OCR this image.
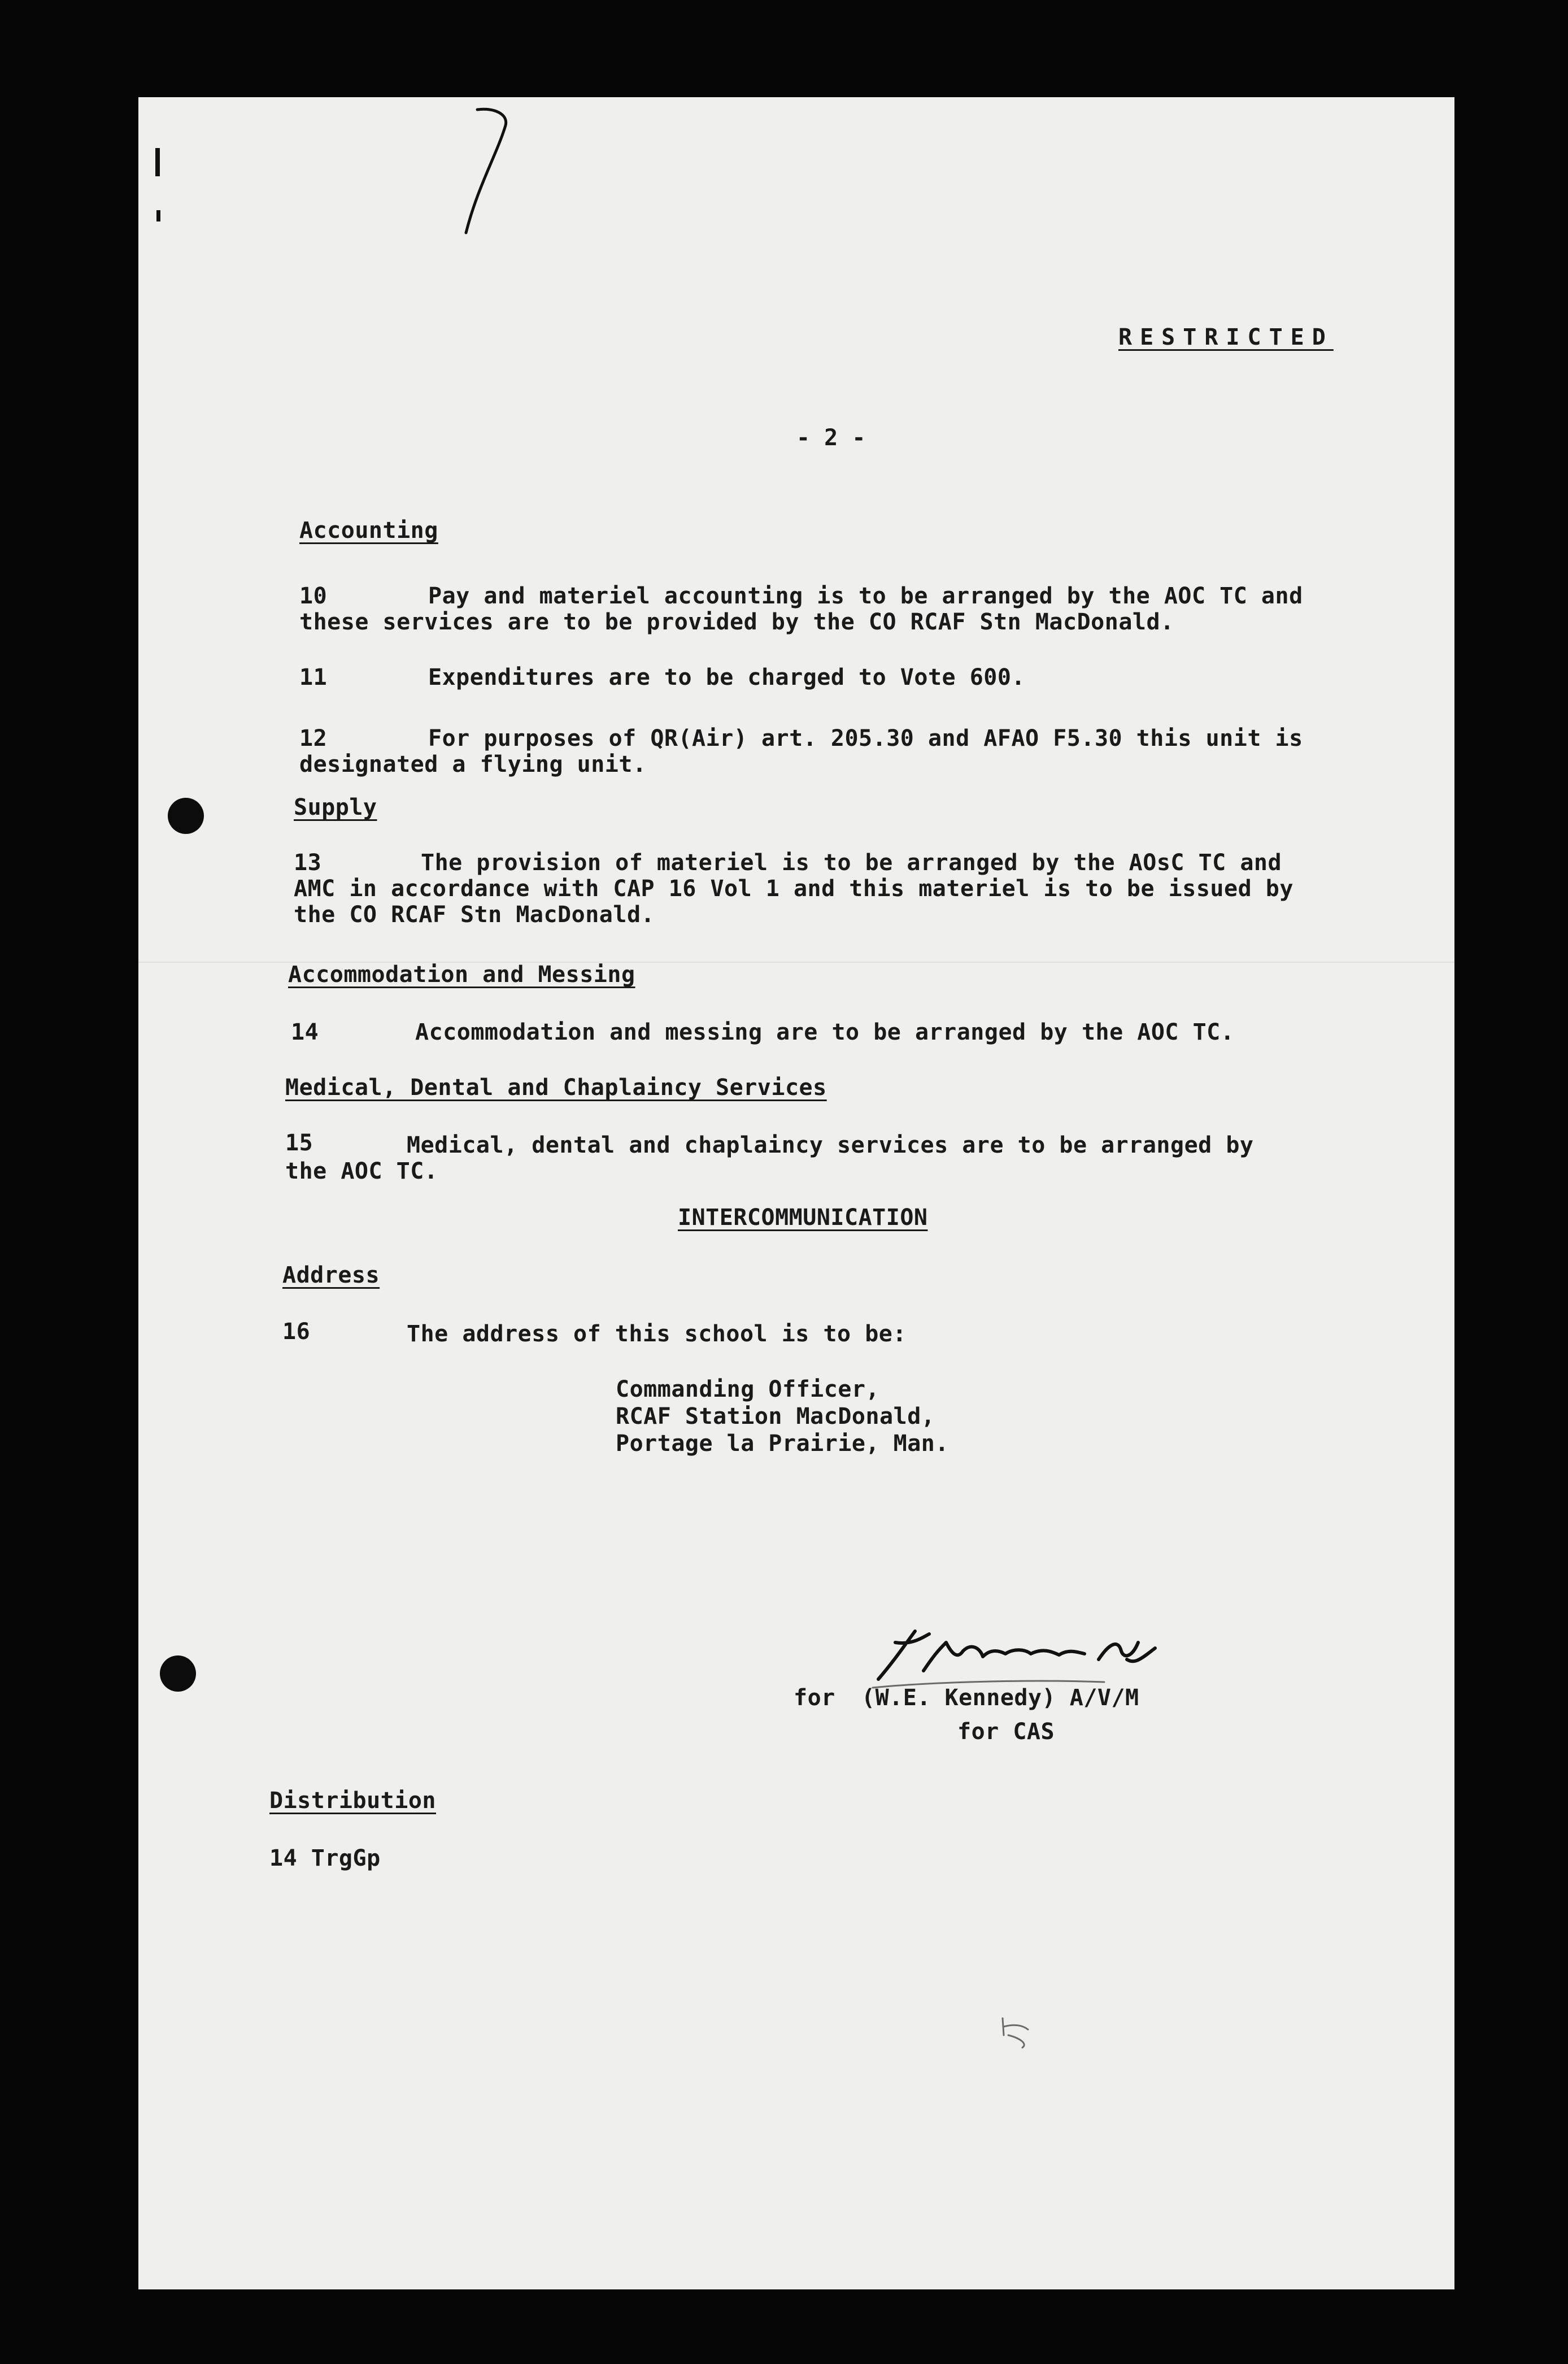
RESTRICTED
- 2 -
Accounting
10	Pay and materiel accounting is to be arranged by the AOC TC and
these services are to be provided by the CO RCAF Stn MacDonald.
11	Expenditures are to be charged to Vote 600.
12	For purposes of QR(Air) art. 205.30 and AFAO F5.30 this unit is
designated a flying unit.
Supply
13	The provision of materiel is to be arranged by the AOsC TC and
AMC in accordance with CAP 16 Vol 1 and this materiel is to be issued by
the CO RCAF Stn MacDonald.
Accommodation and Messing
14	Accommodation and messing are to be arranged by the AOC TC.
Medical, Dental and Chaplaincy Services
15	Medical, dental and chaplaincy services are to be arranged by
the AOC TC.
INTERCOMMUNICATION
Address
16	The address of this school is to be:
Commanding Officer,
RCAF Station MacDonald,
Portage la Prairie, Man.
for (W.E. Kennedy) A/V/M
for CAS
Distribution
14 TrgGp
